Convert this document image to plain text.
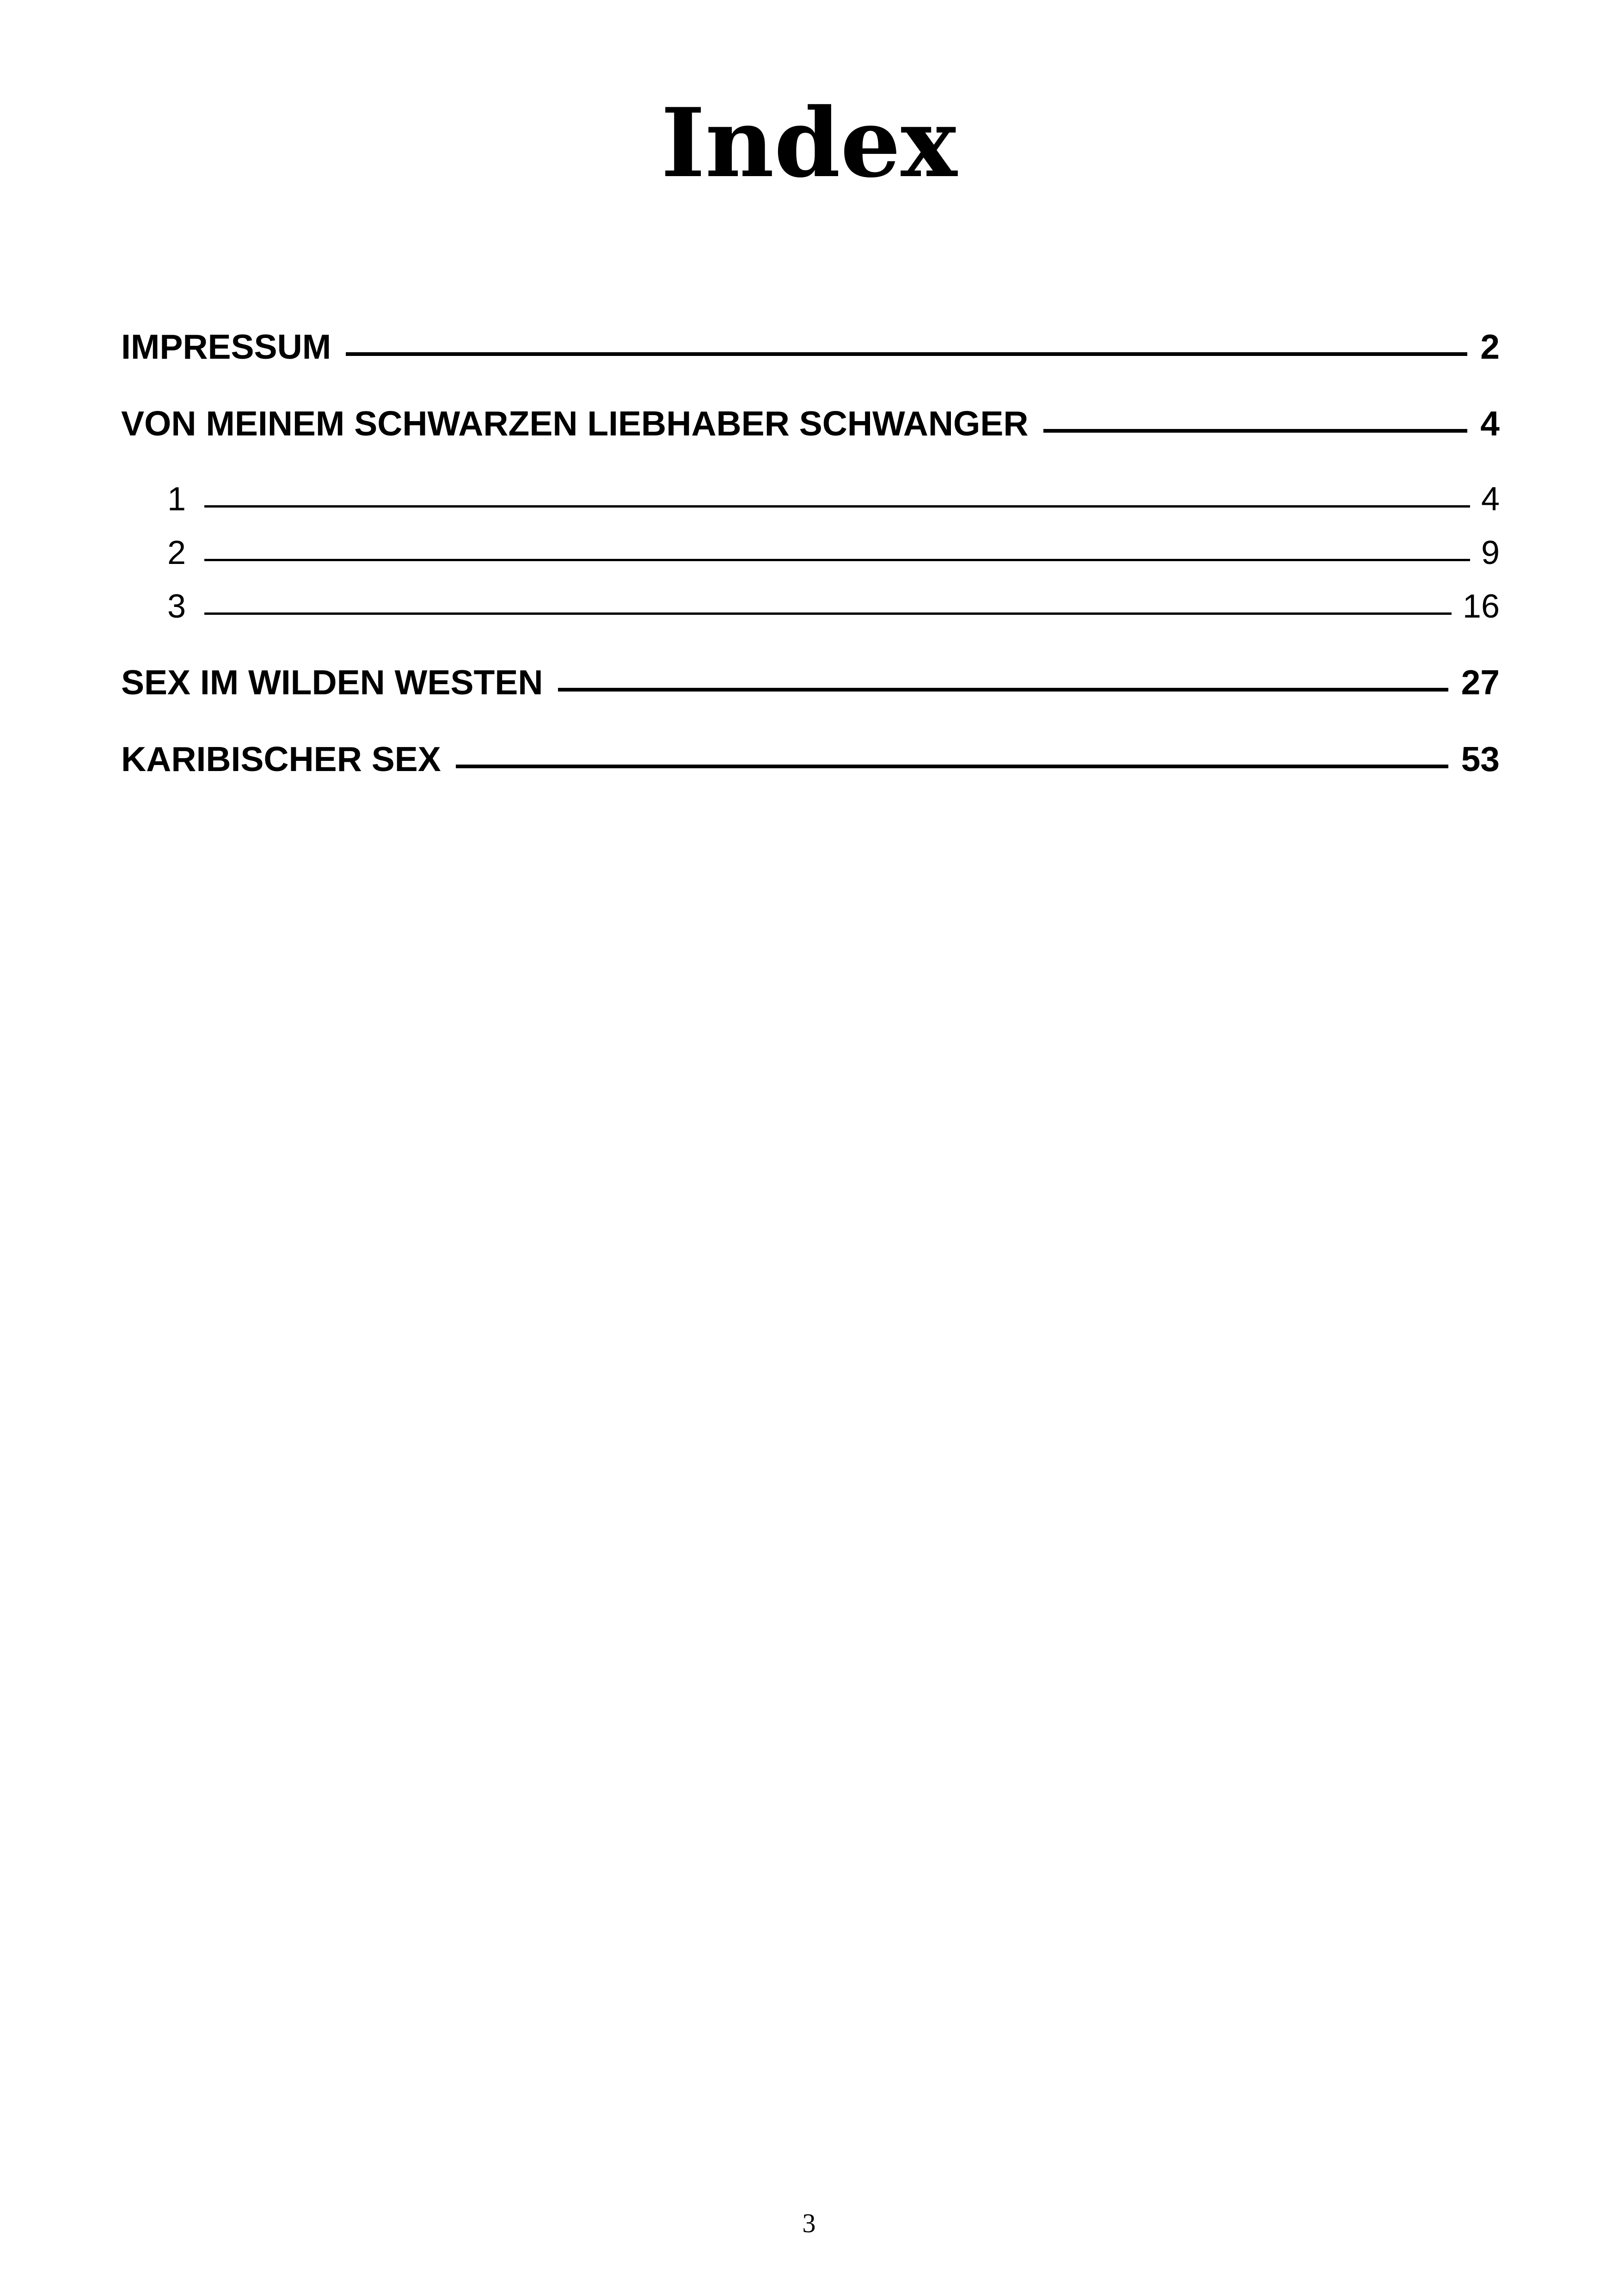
Index
IMPRESSUM	2
VON MEINEM SCHWARZEN LIEBHABER SCHWANGER	4
1	4
2	9
3	16
SEX IM WILDEN WESTEN	27
KARIBISCHER SEX	53
3
